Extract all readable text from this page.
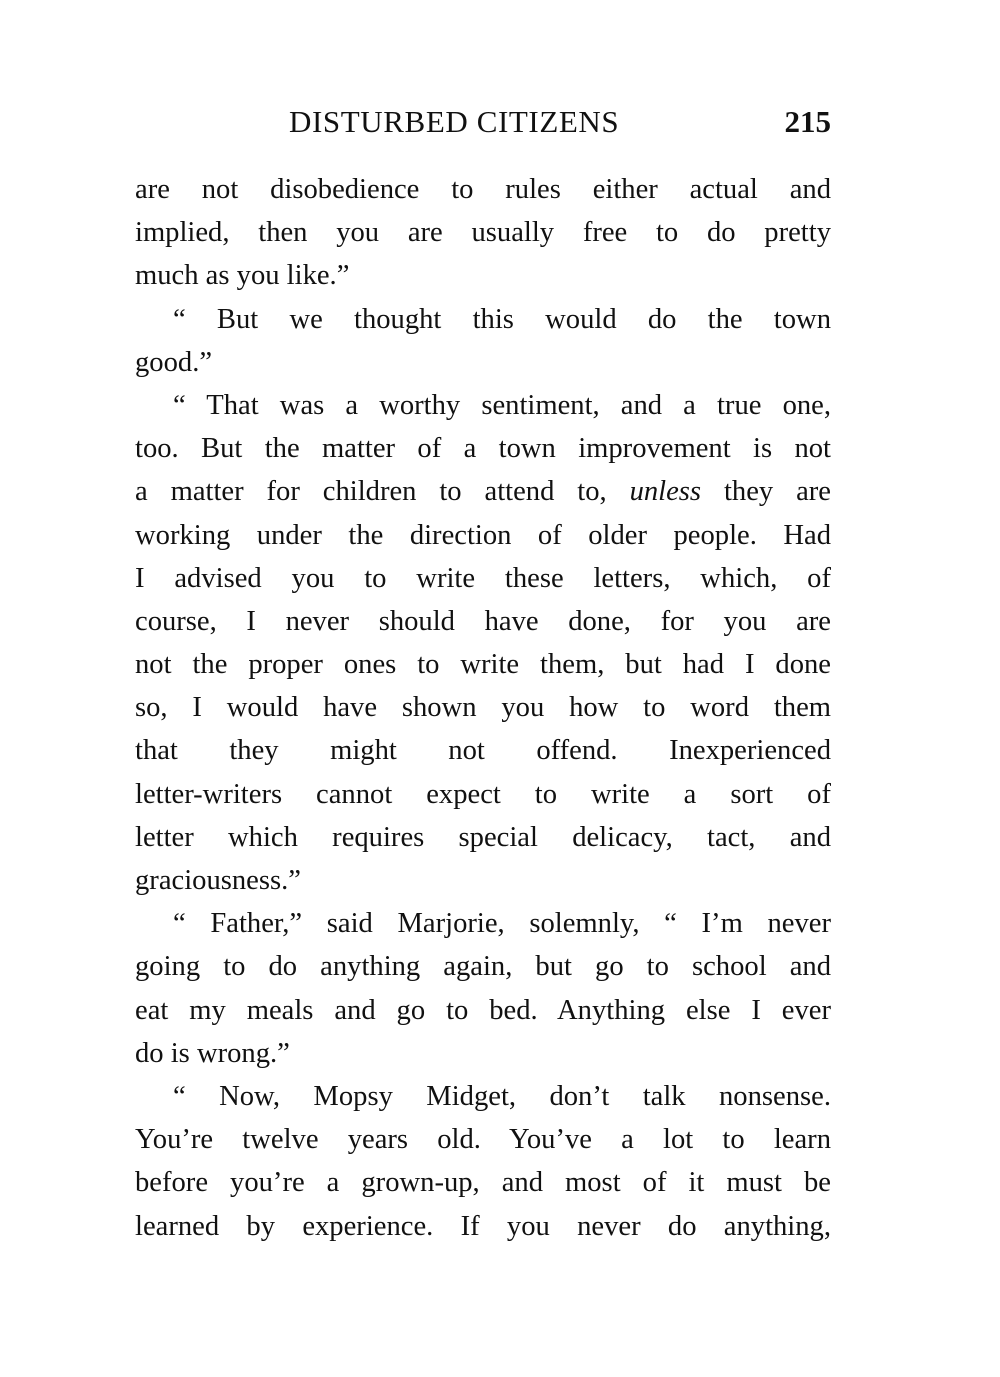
DISTURBED CITIZENS	215

are not disobedience to rules either actual and
implied, then you are usually free to do pretty
much as you like.”

“ But we thought this would do the town
good.”

“ That was a worthy sentiment, and a true one,
too. But the matter of a town improvement is not
a matter for children to attend to, unless they are
working under the direction of older people. Had
I advised you to write these letters, which, of
course, I never should have done, for you are
not the proper ones to write them, but had I done
so, I would have shown you how to word them
that they might not offend. Inexperienced
letter-writers cannot expect to write a sort of
letter which requires special delicacy, tact, and
graciousness.”

“ Father,” said Marjorie, solemnly, “ I’m never
going to do anything again, but go to school and
eat my meals and go to bed. Anything else I ever
do is wrong.”

“ Now, Mopsy Midget, don’t talk nonsense.
You’re twelve years old. You’ve a lot to learn
before you’re a grown-up, and most of it must be
learned by experience. If you never do anything,
